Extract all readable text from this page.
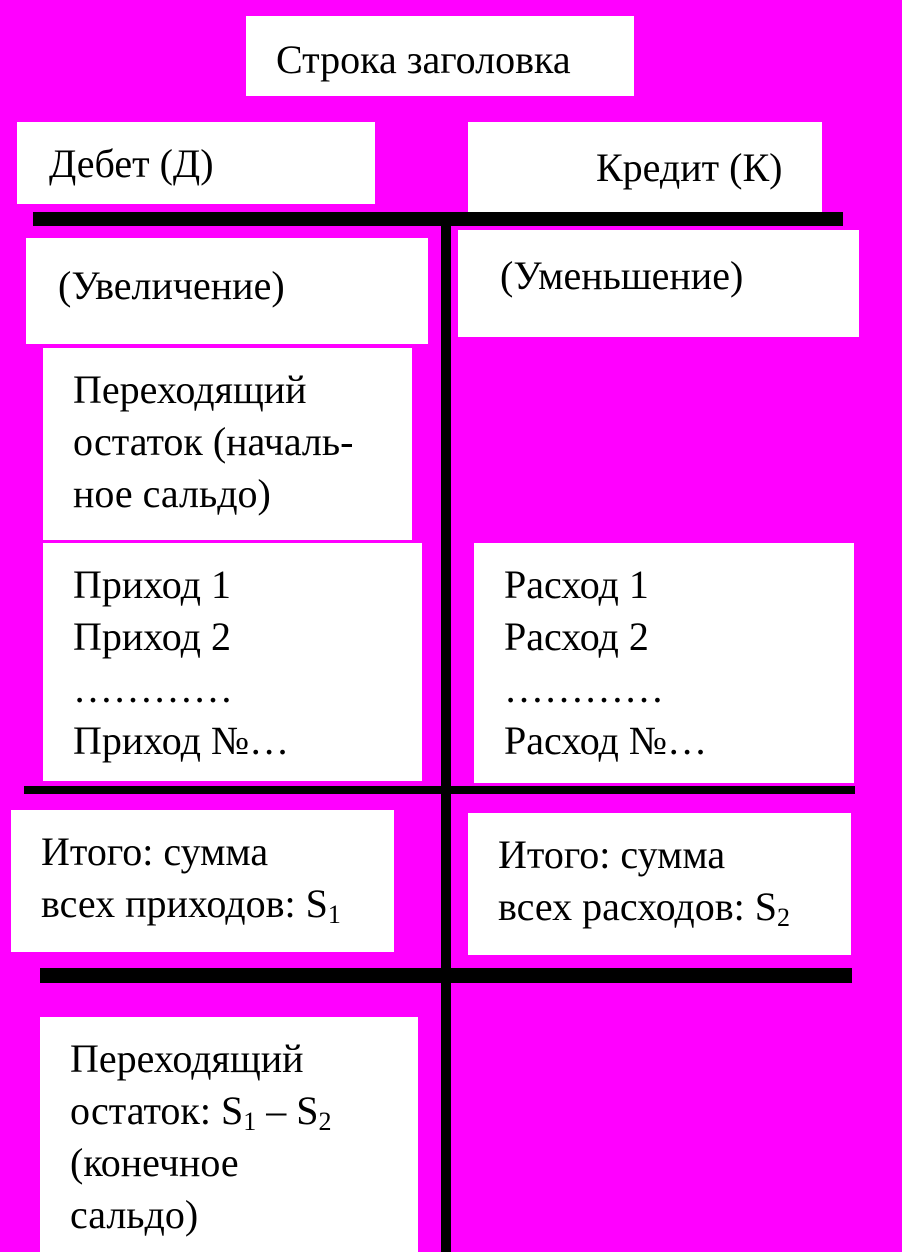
Строка заголовка
Дебет (Д)	Кредит (К)
(Увеличение)	(Уменьшение)
Переходящий
остаток (началь-
ное сальдо)
Приход 1
Приход 2
…………
Приход №…
Расход 1
Расход 2
…………
Расход №…
Итого: сумма
всех приходов: $S_1$
Итого: сумма
всех расходов: $S_2$
Переходящий
остаток: $S_1 - S_2$
(конечное
сальдо)
